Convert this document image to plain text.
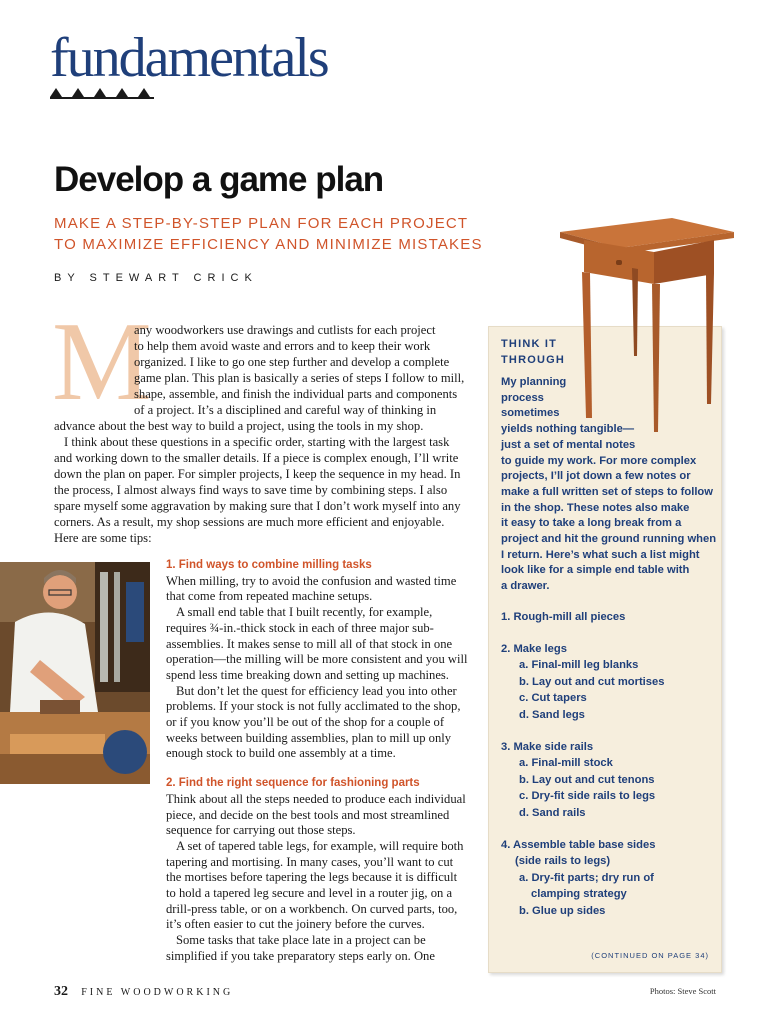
fundamentals
Develop a game plan
MAKE A STEP-BY-STEP PLAN FOR EACH PROJECT
TO MAXIMIZE EFFICIENCY AND MINIMIZE MISTAKES
BY STEWART CRICK
M

any woodworkers use drawings and cutlists for each project

to help them avoid waste and errors and to keep their work

organized. I like to go one step further and develop a complete

game plan. This plan is basically a series of steps I follow to mill,

shape, assemble, and finish the individual parts and components

of a project. It’s a disciplined and careful way of thinking in

advance about the best way to build a project, using the tools in my shop.

I think about these questions in a specific order, starting with the largest task and working down to the smaller details. If a piece is complex enough, I’ll write down the plan on paper. For simpler projects, I keep the sequence in my head. In the process, I almost always find ways to save time by combining steps. I also spare myself some aggravation by making sure that I don’t work myself into any corners. As a result, my shop sessions are much more efficient and enjoyable. Here are some tips:

1. Find ways to combine milling tasks

When milling, try to avoid the confusion and wasted time that come from repeated machine setups.

A small end table that I built recently, for example, requires ¾-in.-thick stock in each of three major sub-assemblies. It makes sense to mill all of that stock in one operation—the milling will be more consistent and you will spend less time breaking down and setting up machines.

But don’t let the quest for efficiency lead you into other problems. If your stock is not fully acclimated to the shop, or if you know you’ll be out of the shop for a couple of weeks between building assemblies, plan to mill up only enough stock to build one assembly at a time.

2. Find the right sequence for fashioning parts

Think about all the steps needed to produce each individual piece, and decide on the best tools and most streamlined sequence for carrying out those steps.

A set of tapered table legs, for example, will require both tapering and mortising. In many cases, you’ll want to cut the mortises before tapering the legs because it is difficult to hold a tapered leg secure and level in a router jig, on a drill-press table, or on a workbench. On curved parts, too, it’s often easier to cut the joinery before the curves.

Some tasks that take place late in a project can be simplified if you take preparatory steps early on. One

THINK IT
THROUGH

My planning

process

sometimes

yields nothing tangible—

just a set of mental notes

to guide my work. For more complex

projects, I’ll jot down a few notes or

make a full written set of steps to follow

in the shop. These notes also make

it easy to take a long break from a

project and hit the ground running when

I return. Here’s what such a list might

look like for a simple end table with

a drawer.

1. Rough-mill all pieces

2. Make legs

a. Final-mill leg blanks

b. Lay out and cut mortises

c. Cut tapers

d. Sand legs

3. Make side rails

a. Final-mill stock

b. Lay out and cut tenons

c. Dry-fit side rails to legs

d. Sand rails

4. Assemble table base sides

(side rails to legs)

a. Dry-fit parts; dry run of

clamping strategy

b. Glue up sides

(CONTINUED ON PAGE 34)
32 FINE WOODWORKING	Photos: Steve Scott
